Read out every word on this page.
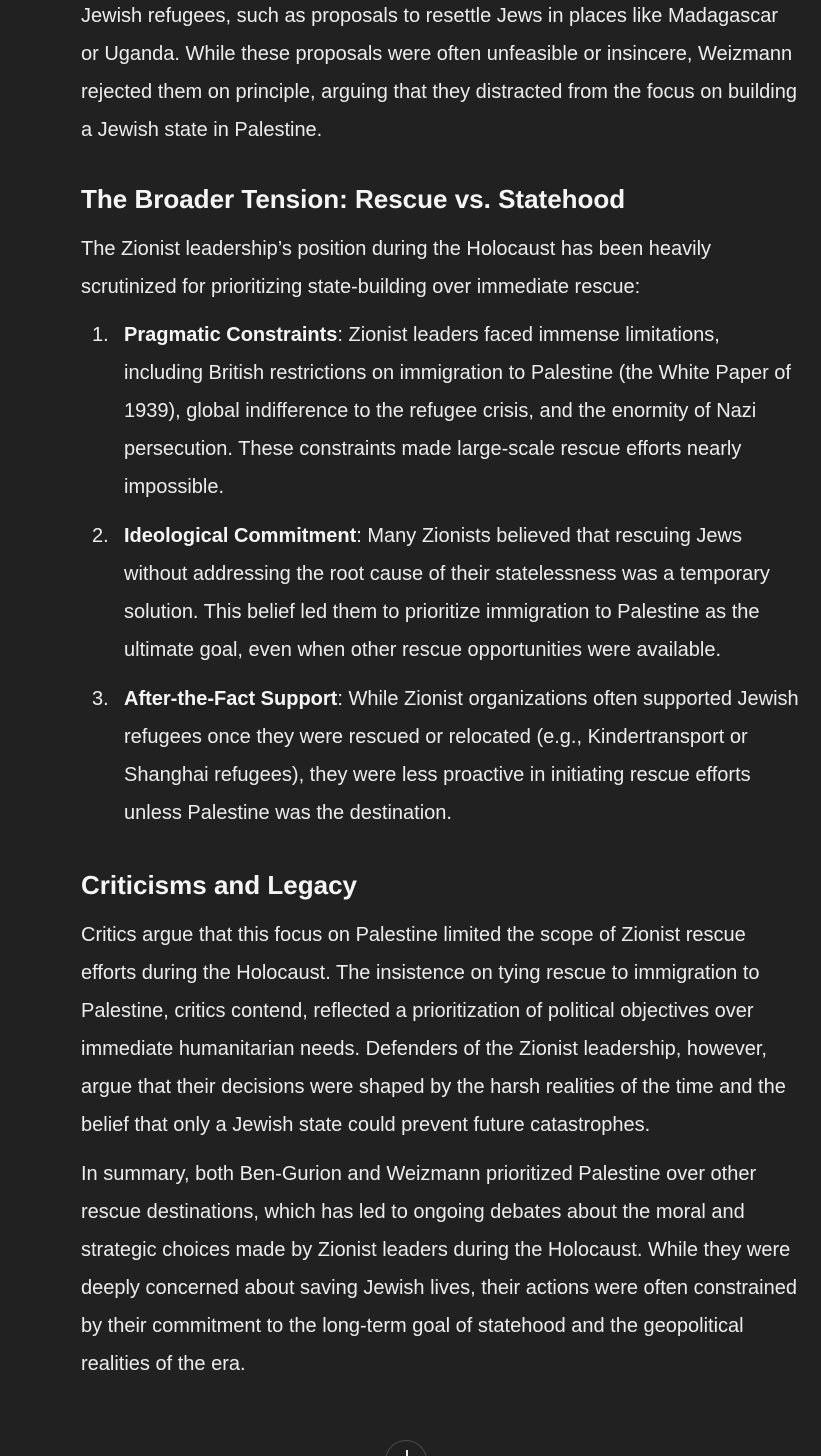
Jewish refugees, such as proposals to resettle Jews in places like Madagascar or Uganda. While these proposals were often unfeasible or insincere, Weizmann rejected them on principle, arguing that they distracted from the focus on building a Jewish state in Palestine.

The Broader Tension: Rescue vs. Statehood

The Zionist leadership’s position during the Holocaust has been heavily scrutinized for prioritizing state-building over immediate rescue:

1. Pragmatic Constraints: Zionist leaders faced immense limitations, including British restrictions on immigration to Palestine (the White Paper of 1939), global indifference to the refugee crisis, and the enormity of Nazi persecution. These constraints made large-scale rescue efforts nearly impossible.
2. Ideological Commitment: Many Zionists believed that rescuing Jews without addressing the root cause of their statelessness was a temporary solution. This belief led them to prioritize immigration to Palestine as the ultimate goal, even when other rescue opportunities were available.
3. After-the-Fact Support: While Zionist organizations often supported Jewish refugees once they were rescued or relocated (e.g., Kindertransport or Shanghai refugees), they were less proactive in initiating rescue efforts unless Palestine was the destination.
Criticisms and Legacy

Critics argue that this focus on Palestine limited the scope of Zionist rescue efforts during the Holocaust. The insistence on tying rescue to immigration to Palestine, critics contend, reflected a prioritization of political objectives over immediate humanitarian needs. Defenders of the Zionist leadership, however, argue that their decisions were shaped by the harsh realities of the time and the belief that only a Jewish state could prevent future catastrophes.

In summary, both Ben-Gurion and Weizmann prioritized Palestine over other rescue destinations, which has led to ongoing debates about the moral and strategic choices made by Zionist leaders during the Holocaust. While they were deeply concerned about saving Jewish lives, their actions were often constrained by their commitment to the long-term goal of statehood and the geopolitical realities of the era.
